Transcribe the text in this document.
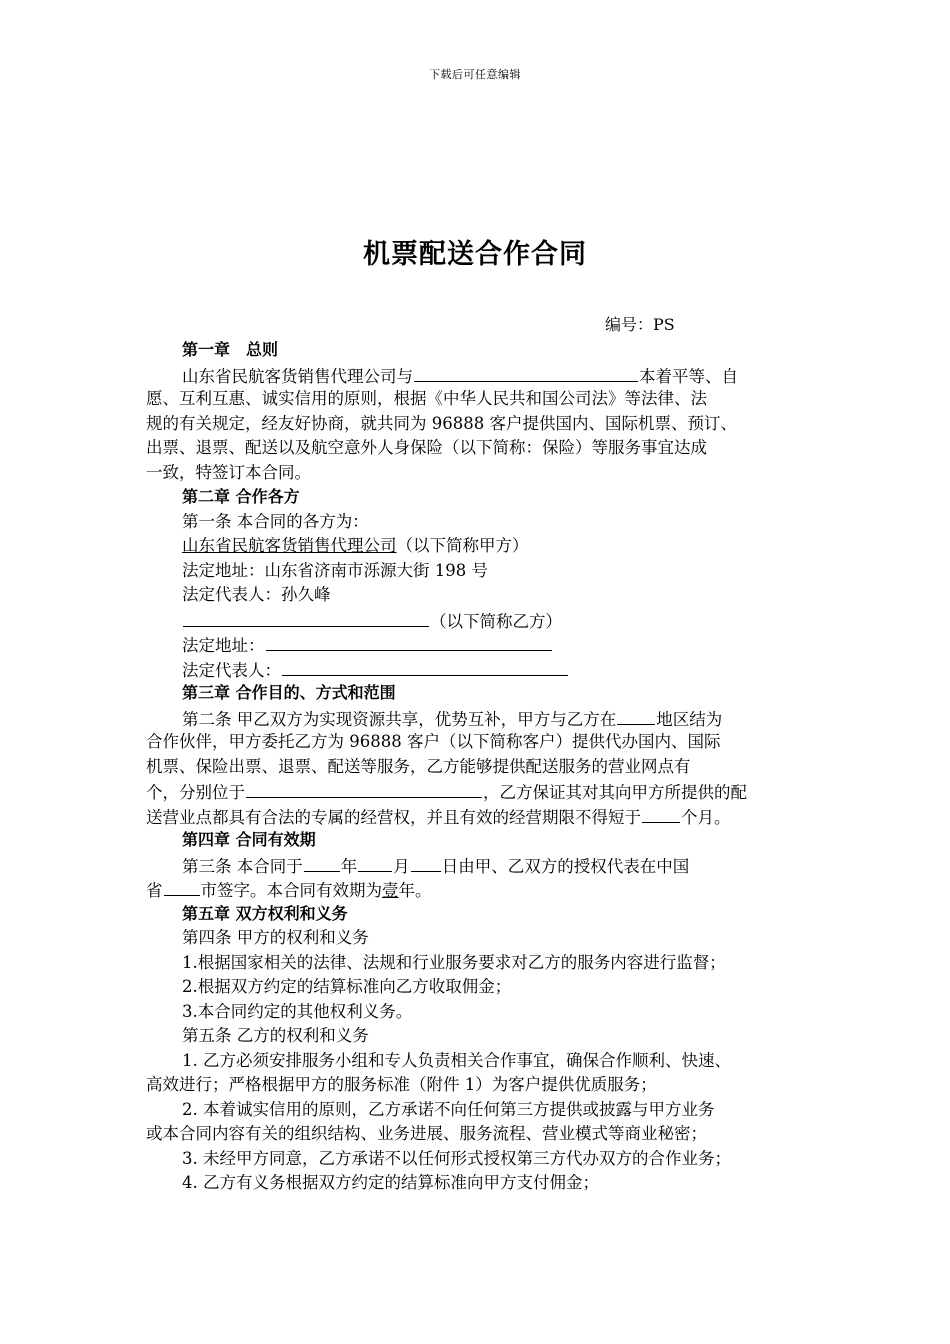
下载后可任意编辑
机票配送合作合同
编号：PS
第一章　总则
山东省民航客货销售代理公司与	本着平等、自
愿、互利互惠、诚实信用的原则，根据《中华人民共和国公司法》等法律、法
规的有关规定，经友好协商，就共同为 96888 客户提供国内、国际机票、预订、
出票、退票、配送以及航空意外人身保险（以下简称：保险）等服务事宜达成
一致，特签订本合同。
第二章 合作各方
第一条 本合同的各方为：
山东省民航客货销售代理公司（以下简称甲方）
法定地址：山东省济南市泺源大街 198 号
法定代表人：孙久峰
（以下简称乙方）
法定地址：
法定代表人：
第三章 合作目的、方式和范围
第二条 甲乙双方为实现资源共享，优势互补，甲方与乙方在 地区结为
合作伙伴，甲方委托乙方为 96888 客户（以下简称客户）提供代办国内、国际
机票、保险出票、退票、配送等服务，乙方能够提供配送服务的营业网点有
个，分别位于	，乙方保证其对其向甲方所提供的配
送营业点都具有合法的专属的经营权，并且有效的经营期限不得短于 个月。
第四章 合同有效期
第三条 本合同于 年 月 日由甲、乙双方的授权代表在中国
省 市签字。本合同有效期为壹年。
第五章 双方权利和义务
第四条 甲方的权利和义务
1.根据国家相关的法律、法规和行业服务要求对乙方的服务内容进行监督；
2.根据双方约定的结算标准向乙方收取佣金；
3.本合同约定的其他权利义务。
第五条 乙方的权利和义务
1. 乙方必须安排服务小组和专人负责相关合作事宜，确保合作顺利、快速、
高效进行；严格根据甲方的服务标准（附件 1）为客户提供优质服务；
2. 本着诚实信用的原则，乙方承诺不向任何第三方提供或披露与甲方业务
或本合同内容有关的组织结构、业务进展、服务流程、营业模式等商业秘密；
3. 未经甲方同意，乙方承诺不以任何形式授权第三方代办双方的合作业务；
4. 乙方有义务根据双方约定的结算标准向甲方支付佣金；
